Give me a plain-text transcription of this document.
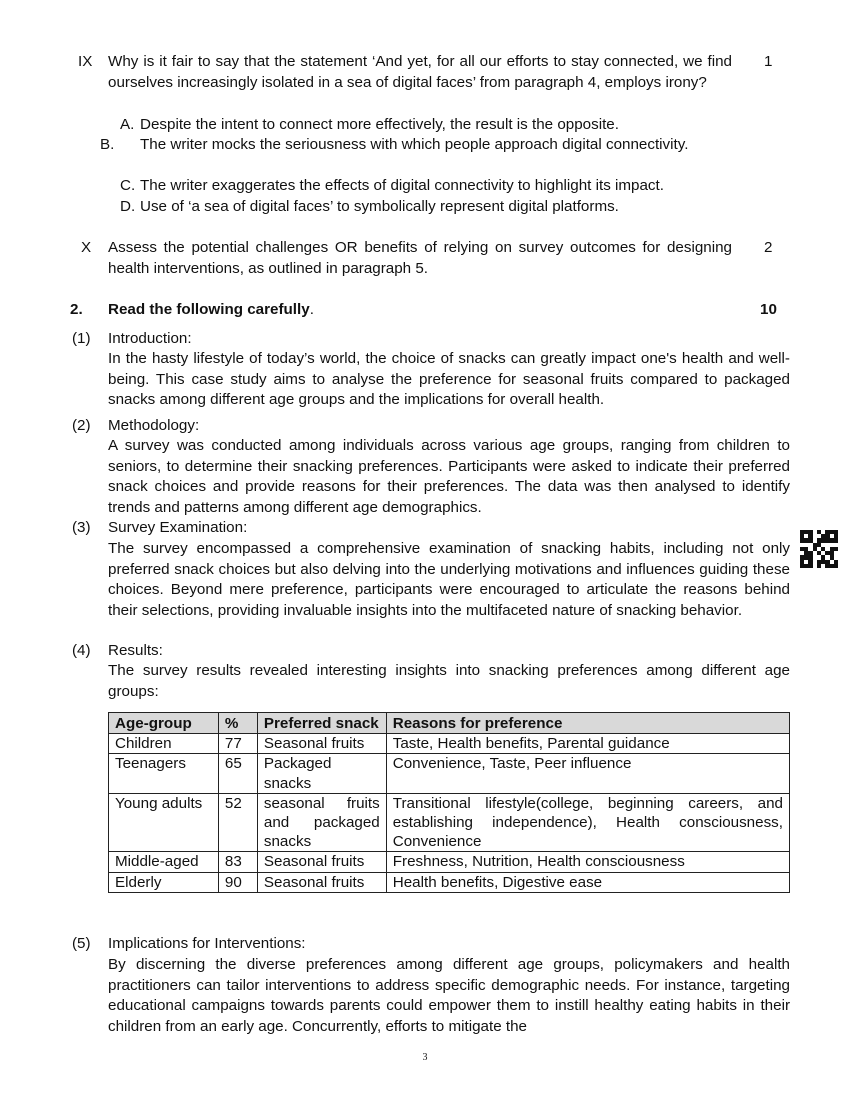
IX Why is it fair to say that the statement ‘And yet, for all our efforts to stay connected, we find ourselves increasingly isolated in a sea of digital faces’ from paragraph 4, employs irony?
1
A. Despite the intent to connect more effectively, the result is the opposite.
B. The writer mocks the seriousness with which people approach digital connectivity.
C. The writer exaggerates the effects of digital connectivity to highlight its impact.
D. Use of ‘a sea of digital faces’ to symbolically represent digital platforms.
X Assess the potential challenges OR benefits of relying on survey outcomes for designing health interventions, as outlined in paragraph 5.
2
2. Read the following carefully.	10
(1) Introduction:
In the hasty lifestyle of today’s world, the choice of snacks can greatly impact one's health and well-being. This case study aims to analyse the preference for seasonal fruits compared to packaged snacks among different age groups and the implications for overall health.
(2) Methodology:
A survey was conducted among individuals across various age groups, ranging from children to seniors, to determine their snacking preferences. Participants were asked to indicate their preferred snack choices and provide reasons for their preferences. The data was then analysed to identify trends and patterns among different age demographics.
(3) Survey Examination:
The survey encompassed a comprehensive examination of snacking habits, including not only preferred snack choices but also delving into the underlying motivations and influences guiding these choices. Beyond mere preference, participants were encouraged to articulate the reasons behind their selections, providing invaluable insights into the multifaceted nature of snacking behavior.
(4) Results:
The survey results revealed interesting insights into snacking preferences among different age groups:
Age-group	%	Preferred snack	Reasons for preference
Children	77	Seasonal fruits	Taste, Health benefits, Parental guidance
Teenagers	65	Packaged snacks	Convenience, Taste, Peer influence
Young adults	52	seasonal fruits and packaged snacks	Transitional lifestyle(college, beginning careers, and establishing independence), Health consciousness, Convenience
Middle-aged	83	Seasonal fruits	Freshness, Nutrition, Health consciousness
Elderly	90	Seasonal fruits	Health benefits, Digestive ease
(5) Implications for Interventions:
By discerning the diverse preferences among different age groups, policymakers and health practitioners can tailor interventions to address specific demographic needs. For instance, targeting educational campaigns towards parents could empower them to instill healthy eating habits in their children from an early age. Concurrently, efforts to mitigate the
3
